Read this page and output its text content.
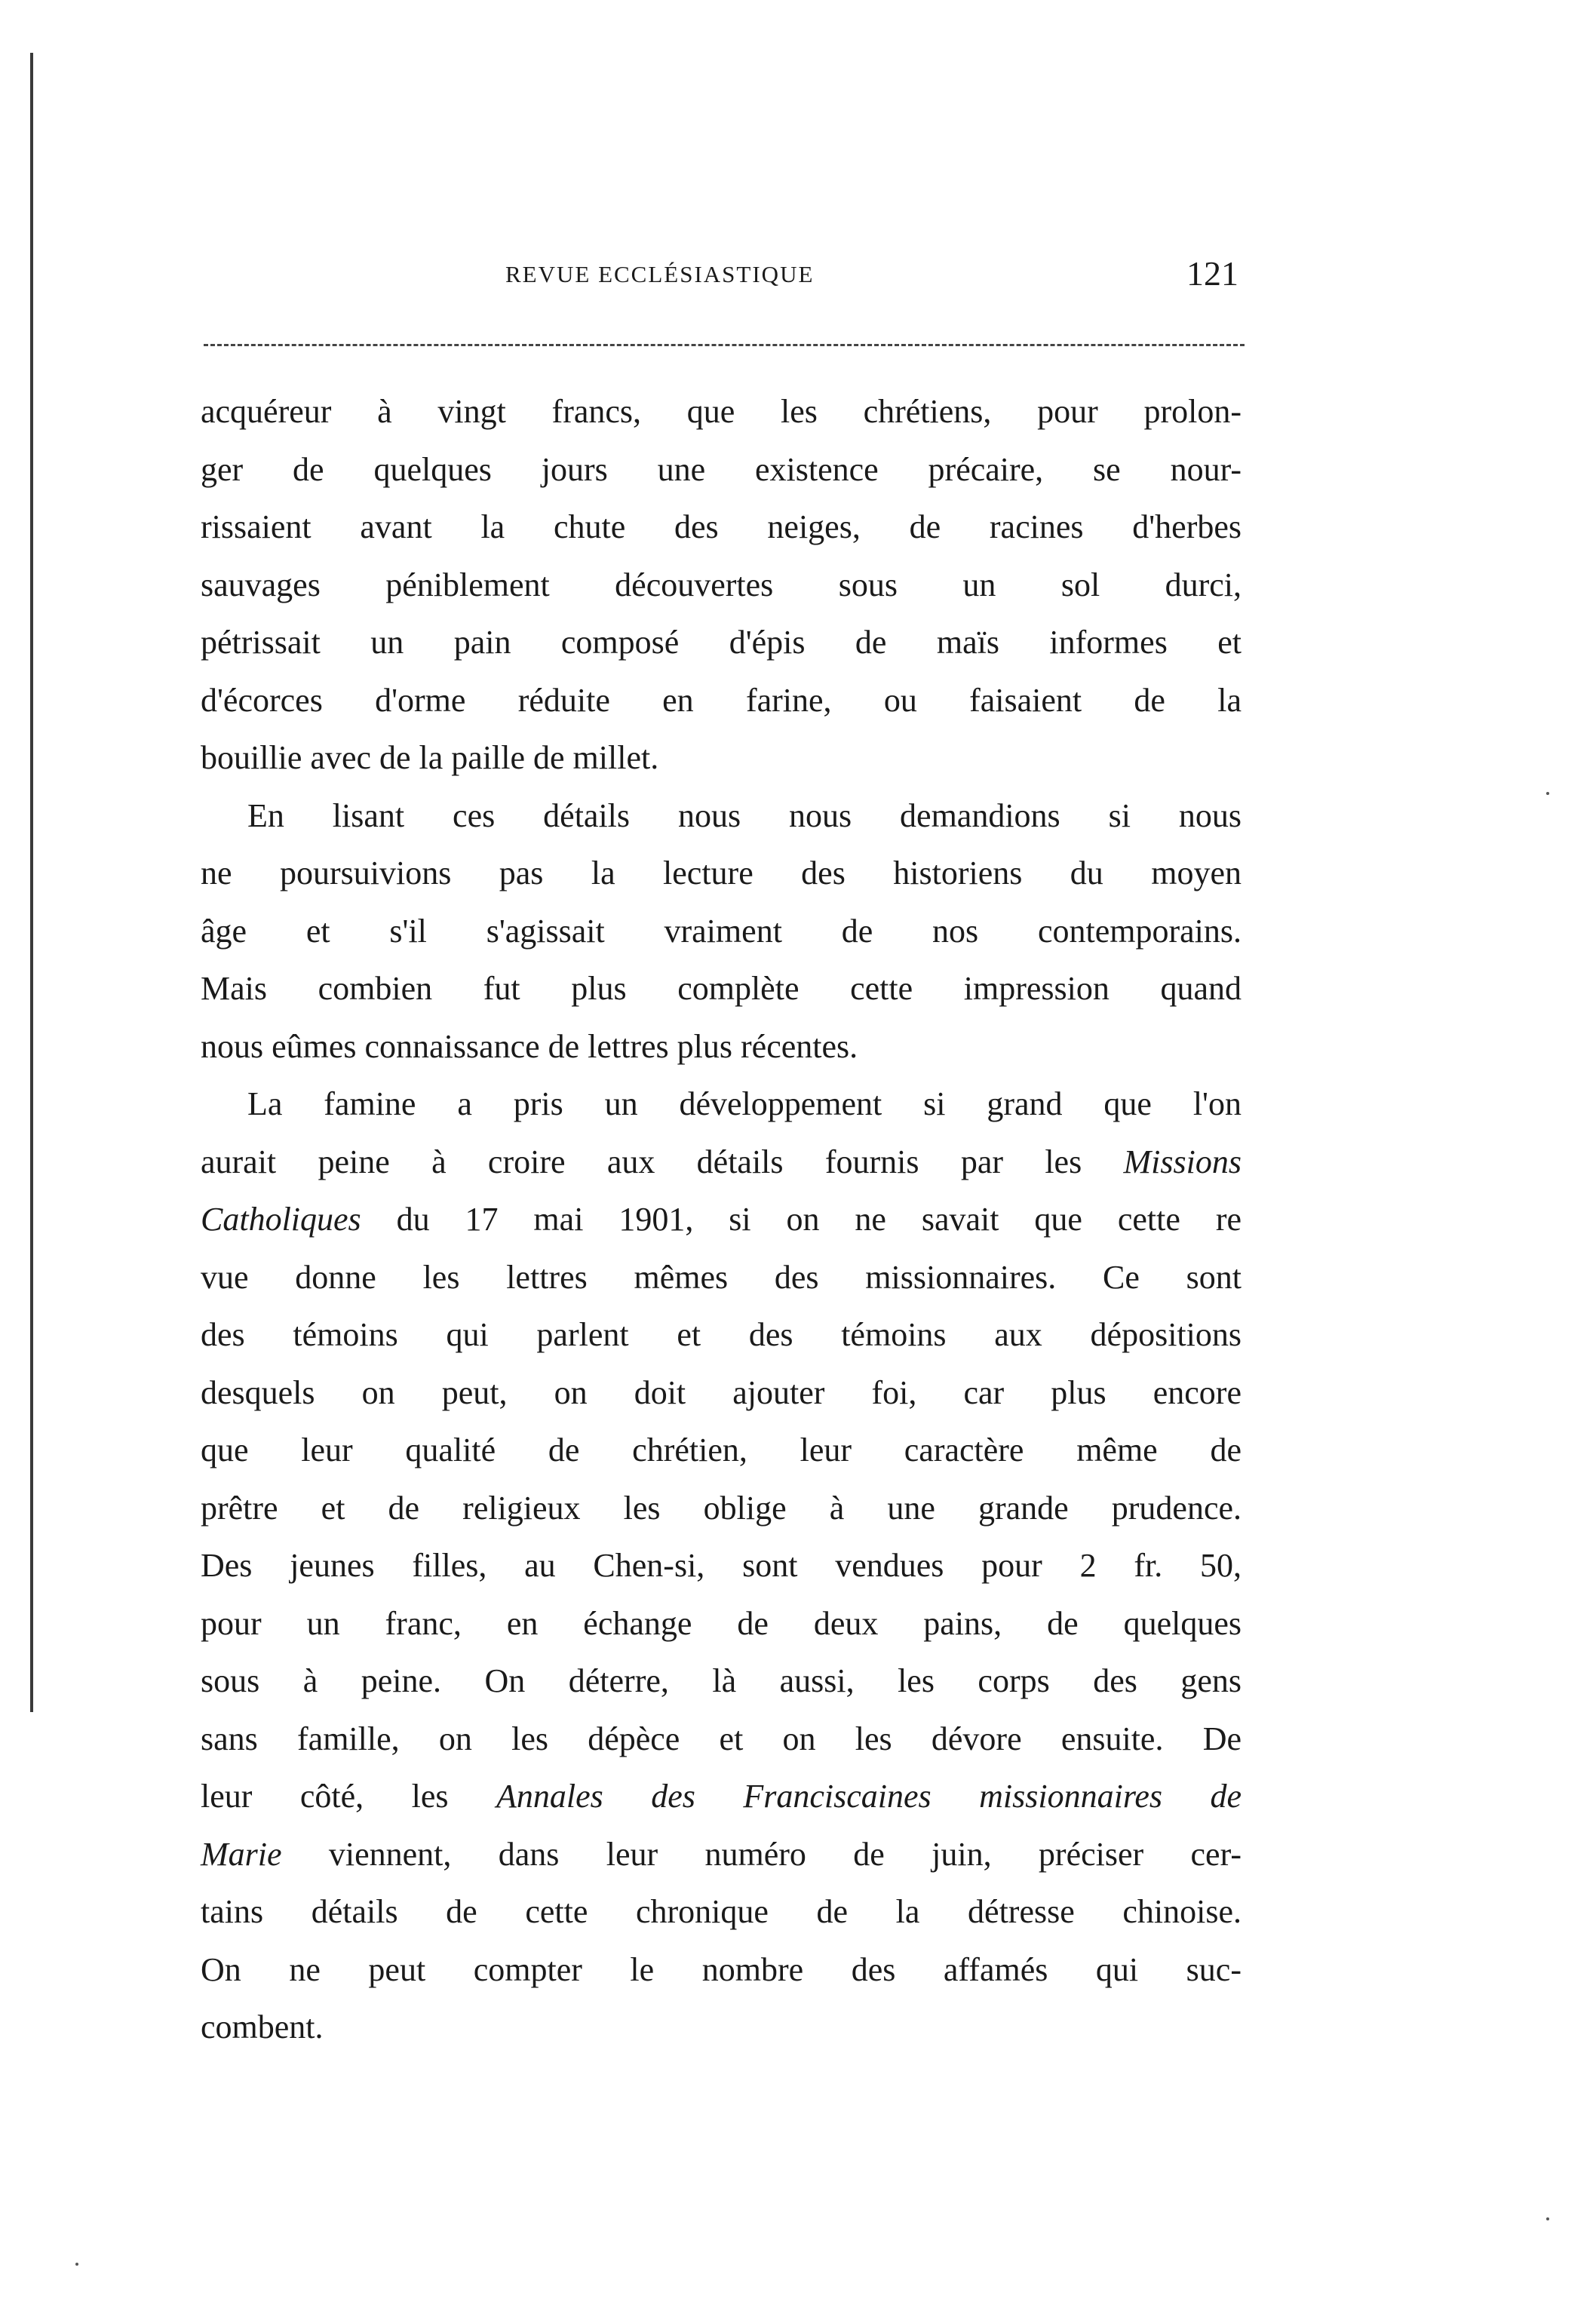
REVUE ECCLÉSIASTIQUE	121

acquéreur à vingt francs, que les chrétiens, pour prolon-
ger de quelques jours une existence précaire, se nour-
rissaient avant la chute des neiges, de racines d'herbes
sauvages péniblement découvertes sous un sol durci,
pétrissait un pain composé d'épis de maïs informes et
d'écorces d'orme réduite en farine, ou faisaient de la
bouillie avec de la paille de millet.

En lisant ces détails nous nous demandions si nous
ne poursuivions pas la lecture des historiens du moyen
âge et s'il s'agissait vraiment de nos contemporains.
Mais combien fut plus complète cette impression quand
nous eûmes connaissance de lettres plus récentes.

La famine a pris un développement si grand que l'on
aurait peine à croire aux détails fournis par les Missions
Catholiques du 17 mai 1901, si on ne savait que cette re
vue donne les lettres mêmes des missionnaires. Ce sont
des témoins qui parlent et des témoins aux dépositions
desquels on peut, on doit ajouter foi, car plus encore
que leur qualité de chrétien, leur caractère même de
prêtre et de religieux les oblige à une grande prudence.
Des jeunes filles, au Chen-si, sont vendues pour 2 fr. 50,
pour un franc, en échange de deux pains, de quelques
sous à peine. On déterre, là aussi, les corps des gens
sans famille, on les dépèce et on les dévore ensuite. De
leur côté, les Annales des Franciscaines missionnaires de
Marie viennent, dans leur numéro de juin, préciser cer-
tains détails de cette chronique de la détresse chinoise.
On ne peut compter le nombre des affamés qui suc-
combent.
